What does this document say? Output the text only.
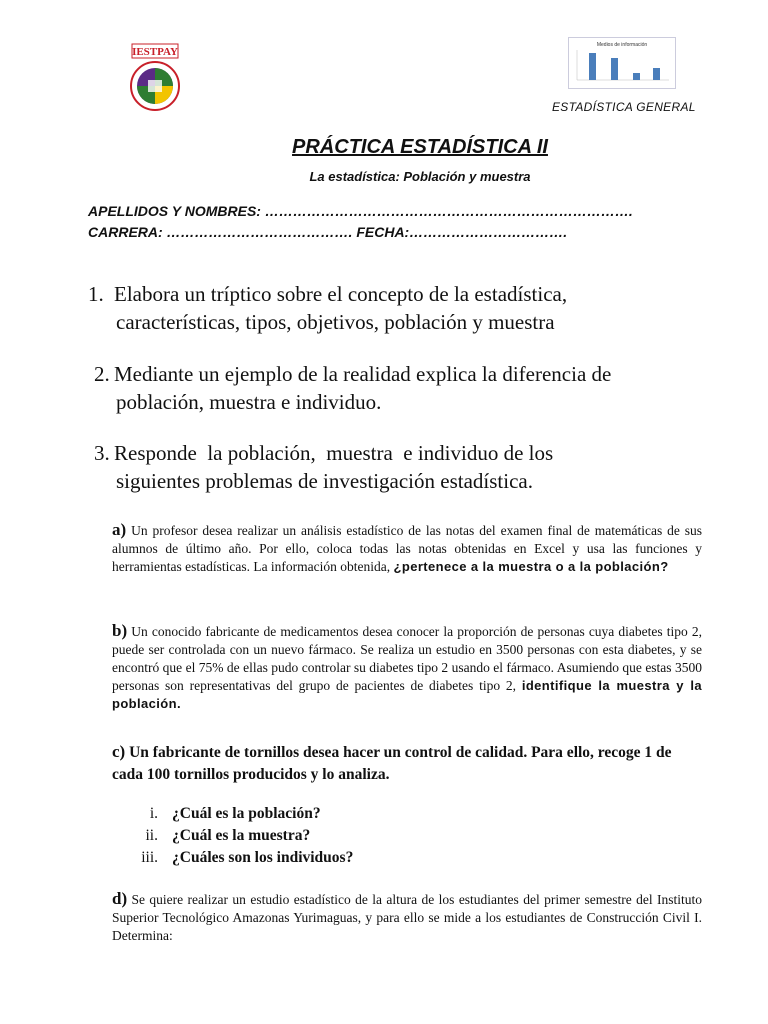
IESTPAY
Medios de información
ESTADÍSTICA GENERAL
PRÁCTICA ESTADÍSTICA II
La estadística: Población y muestra
APELLIDOS Y NOMBRES: …………………………………………………………………….
CARRERA: …………………………………. FECHA:…………………………….
1. Elabora un tríptico sobre el concepto de la estadística,
características, tipos, objetivos, población y muestra
2. Mediante un ejemplo de la realidad explica la diferencia de
población, muestra e individuo.
3. Responde  la población,  muestra  e individuo de los
siguientes problemas de investigación estadística.
a) Un profesor desea realizar un análisis estadístico de las notas del examen final de matemáticas de sus alumnos de último año. Por ello, coloca todas las notas obtenidas en Excel y usa las funciones y herramientas estadísticas. La información obtenida, ¿pertenece a la muestra o a la población?
b) Un conocido fabricante de medicamentos desea conocer la proporción de personas cuya diabetes tipo 2, puede ser controlada con un nuevo fármaco. Se realiza un estudio en 3500 personas con esta diabetes, y se encontró que el 75% de ellas pudo controlar su diabetes tipo 2 usando el fármaco. Asumiendo que estas 3500 personas son representativas del grupo de pacientes de diabetes tipo 2, identifique la muestra y la población.
c) Un fabricante de tornillos desea hacer un control de calidad. Para ello, recoge 1 de cada 100 tornillos producidos y lo analiza.
i. ¿Cuál es la población?
ii. ¿Cuál es la muestra?
iii. ¿Cuáles son los individuos?
d) Se quiere realizar un estudio estadístico de la altura de los estudiantes del primer semestre del Instituto Superior Tecnológico Amazonas Yurimaguas, y para ello se mide a los estudiantes de Construcción Civil I. Determina:
